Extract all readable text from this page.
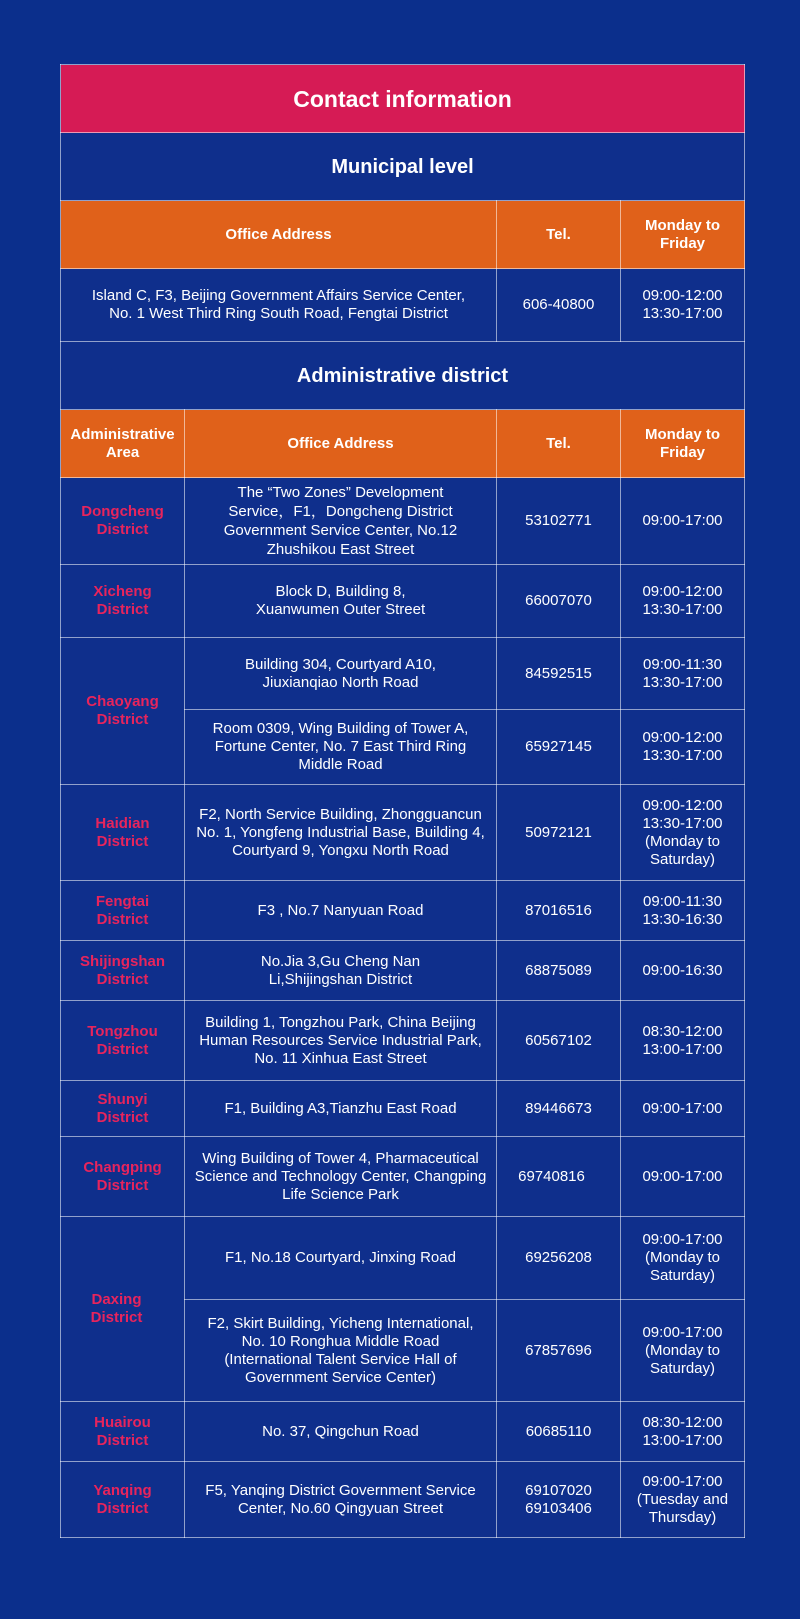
Contact information			
Municipal level			
Office Address		Tel.	Monday to Friday
Island C, F3, Beijing Government Affairs Service Center, No. 1 West Third Ring South Road, Fengtai District		606-40800	09:00-12:00
13:30-17:00
Administrative district			
Administrative Area	Office Address	Tel.	Monday to Friday
Dongcheng District	The “Two Zones” Development Service，F1，Dongcheng District Government Service Center, No.12 Zhushikou East Street	53102771	09:00-17:00
Xicheng District	Block D, Building 8,
Xuanwumen Outer Street	66007070	09:00-12:00
13:30-17:00
Chaoyang District	Building 304, Courtyard A10,
Jiuxianqiao North Road	84592515	09:00-11:30
13:30-17:00
	Room 0309, Wing Building of Tower A, Fortune Center, No. 7 East Third Ring Middle Road	65927145	09:00-12:00
13:30-17:00
Haidian District	F2, North Service Building, Zhongguancun No. 1, Yongfeng Industrial Base, Building 4, Courtyard 9, Yongxu North Road	50972121	09:00-12:00
13:30-17:00
(Monday to Saturday)
Fengtai District	F3 , No.7 Nanyuan Road	87016516	09:00-11:30
13:30-16:30
Shijingshan District	No.Jia 3,Gu Cheng Nan Li,Shijingshan District	68875089	09:00-16:30
Tongzhou District	Building 1, Tongzhou Park, China Beijing Human Resources Service Industrial Park, No. 11 Xinhua East Street	60567102	08:30-12:00
13:00-17:00
Shunyi District	F1, Building A3,Tianzhu East Road	89446673	09:00-17:00
Changping District	Wing Building of Tower 4, Pharmaceutical Science and Technology Center, Changping Life Science Park	69740816	09:00-17:00
Daxing District	F1, No.18 Courtyard, Jinxing Road	69256208	09:00-17:00
(Monday to Saturday)
	F2, Skirt Building, Yicheng International, No. 10 Ronghua Middle Road (International Talent Service Hall of Government Service Center)	67857696	09:00-17:00
(Monday to Saturday)
Huairou District	No. 37, Qingchun Road	60685110	08:30-12:00
13:00-17:00
Yanqing District	F5, Yanqing District Government Service Center, No.60 Qingyuan Street	69107020
69103406	09:00-17:00
(Tuesday and Thursday)
